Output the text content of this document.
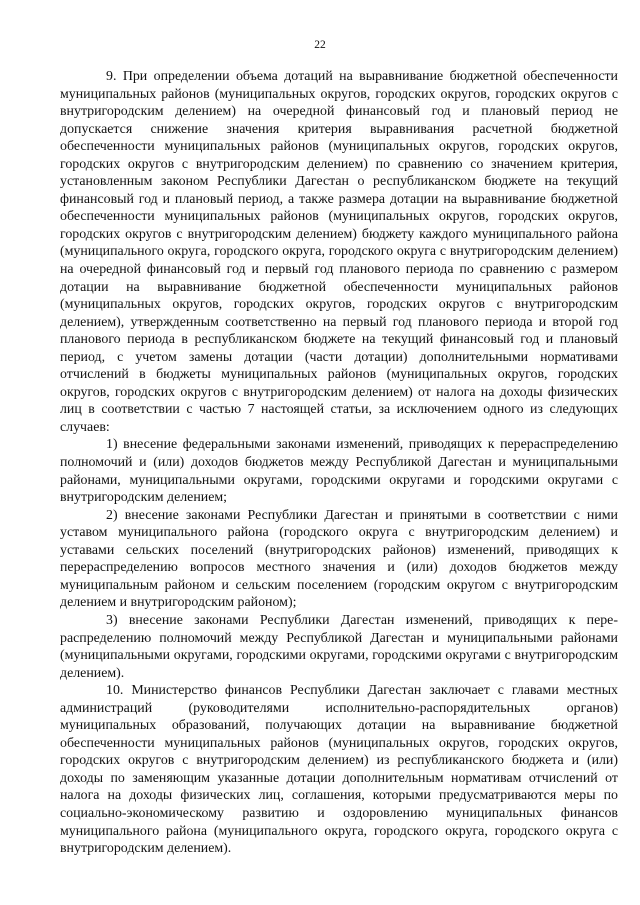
22

9. При определении объема дотаций на выравнивание бюджетной обеспеченности муниципальных районов (муниципальных округов, городских округов, городских округов с внутригородским делением) на очередной финансовый год и плановый период не допускается снижение значения критерия выравнивания расчетной бюджетной обеспеченности муниципальных районов (муниципальных округов, городских округов, городских округов с внутригородским делением) по сравнению со значением критерия, установленным законом Республики Дагестан о республиканском бюджете на текущий финансовый год и плановый период, а также размера дотации на выравнивание бюджетной обеспеченности муниципальных районов (муниципальных округов, городских округов, городских округов с внутригородским делением) бюджету каждого муниципального района (муниципального округа, городского округа, городского округа с внутригородским делением) на очередной финансовый год и первый год планового периода по сравнению с размером дотации на выравнивание бюджетной обеспеченности муниципальных районов (муниципальных округов, городских округов, городских округов с внутригородским делением), утвержденным соответственно на первый год планового периода и второй год планового периода в республиканском бюджете на текущий финансовый год и плановый период, с учетом замены дотации (части дотации) дополнительными нормативами отчислений в бюджеты муниципальных районов (муниципальных округов, городских округов, городских округов с внутригородским делением) от налога на доходы физических лиц в соответствии с частью 7 настоящей статьи, за исключением одного из следующих случаев:

1) внесение федеральными законами изменений, приводящих к перераспределению полномочий и (или) доходов бюджетов между Республикой Дагестан и муниципальными районами, муниципальными округами, городскими округами и городскими округами с внутригородским делением;

2) внесение законами Республики Дагестан и принятыми в соответствии с ними уставом муниципального района (городского округа с внутригородским делением) и уставами сельских поселений (внутригородских районов) изменений, приводящих к перераспределению вопросов местного значения и (или) доходов бюджетов между муниципальным районом и сельским поселением (городским округом с внутригородским делением и внутригородским районом);

3) внесение законами Республики Дагестан изменений, приводящих к перераспределению полномочий между Республикой Дагестан и муниципальными районами (муниципальными округами, городскими округами, городскими округами с внутригородским делением).

10. Министерство финансов Республики Дагестан заключает с главами местных администраций (руководителями исполнительно-распорядительных органов) муниципальных образований, получающих дотации на выравнивание бюджетной обеспеченности муниципальных районов (муниципальных округов, городских округов, городских округов с внутригородским делением) из республиканского бюджета и (или) доходы по заменяющим указанные дотации дополнительным нормативам отчислений от налога на доходы физических лиц, соглашения, которыми предусматриваются меры по социально-экономическому развитию и оздоровлению муниципальных финансов муниципального района (муниципального округа, городского округа, городского округа с внутригородским делением).
